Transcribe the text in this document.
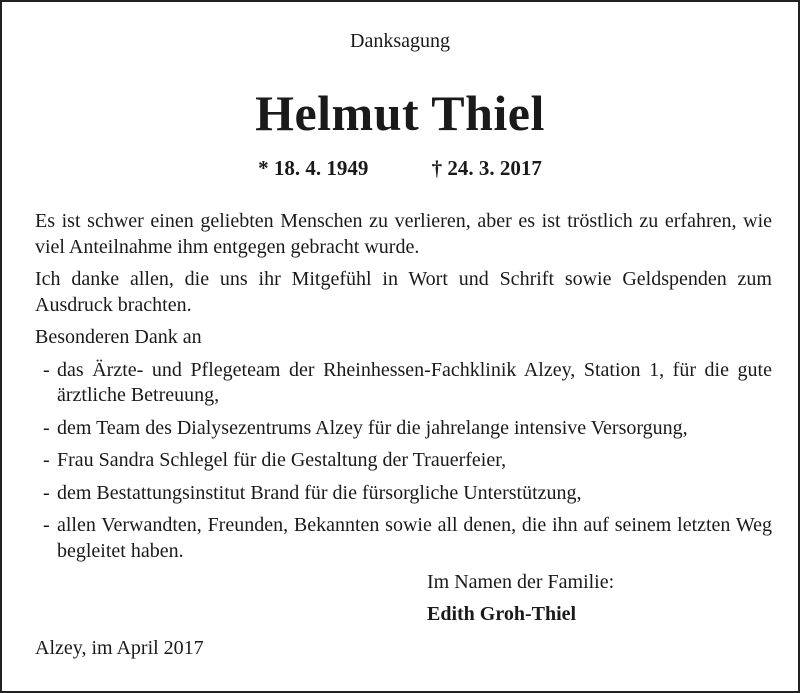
Danksagung
Helmut Thiel
* 18. 4. 1949	† 24. 3. 2017

Es ist schwer einen geliebten Menschen zu verlieren, aber es ist tröstlich zu erfahren, wie viel Anteilnahme ihm entgegen gebracht wurde.

Ich danke allen, die uns ihr Mitgefühl in Wort und Schrift sowie Geldspenden zum Ausdruck brachten.

Besonderen Dank an

- das Ärzte- und Pflegeteam der Rheinhessen-Fachklinik Alzey, Station 1, für die gute ärztliche Betreuung,
- dem Team des Dialysezentrums Alzey für die jahrelange intensive Versorgung,
- Frau Sandra Schlegel für die Gestaltung der Trauerfeier,
- dem Bestattungsinstitut Brand für die fürsorgliche Unterstützung,
- allen Verwandten, Freunden, Bekannten sowie all denen, die ihn auf seinem letzten Weg begleitet haben.
Im Namen der Familie:
Edith Groh-Thiel
Alzey, im April 2017
